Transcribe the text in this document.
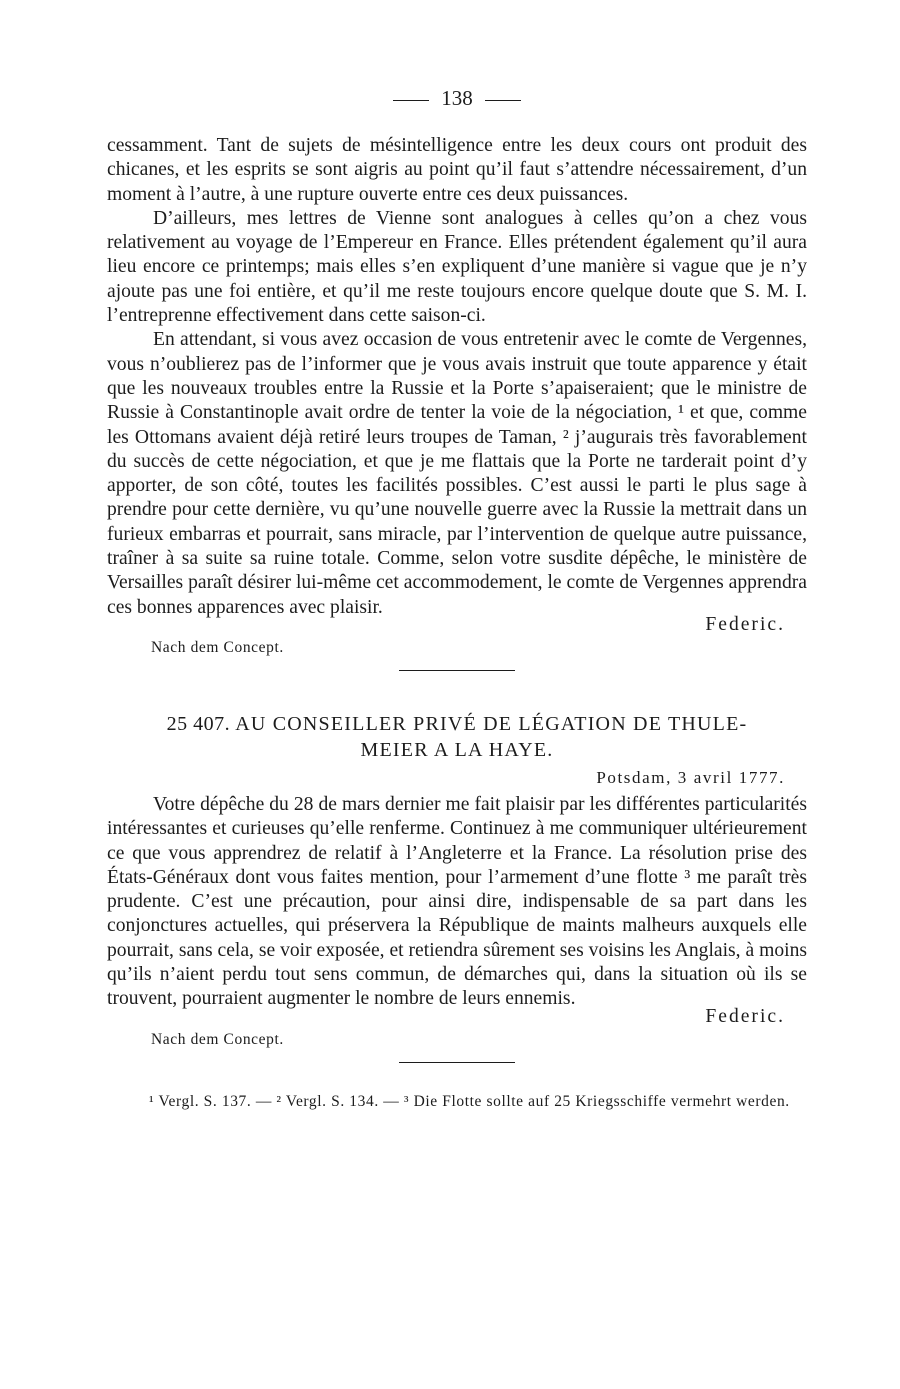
138

cessamment. Tant de sujets de mésintelligence entre les deux cours ont produit des chicanes, et les esprits se sont aigris au point qu’il faut s’attendre nécessairement, d’un moment à l’autre, à une rupture ouverte entre ces deux puissances.

D’ailleurs, mes lettres de Vienne sont analogues à celles qu’on a chez vous relativement au voyage de l’Empereur en France. Elles prétendent également qu’il aura lieu encore ce printemps; mais elles s’en expliquent d’une manière si vague que je n’y ajoute pas une foi entière, et qu’il me reste toujours encore quelque doute que S. M. I. l’entreprenne effectivement dans cette saison-ci.

En attendant, si vous avez occasion de vous entretenir avec le comte de Vergennes, vous n’oublierez pas de l’informer que je vous avais instruit que toute apparence y était que les nouveaux troubles entre la Russie et la Porte s’apaiseraient; que le ministre de Russie à Constantinople avait ordre de tenter la voie de la négociation, ¹ et que, comme les Ottomans avaient déjà retiré leurs troupes de Taman, ² j’augurais très favorablement du succès de cette négociation, et que je me flattais que la Porte ne tarderait point d’y apporter, de son côté, toutes les facilités possibles. C’est aussi le parti le plus sage à prendre pour cette dernière, vu qu’une nouvelle guerre avec la Russie la mettrait dans un furieux embarras et pourrait, sans miracle, par l’intervention de quelque autre puissance, traîner à sa suite sa ruine totale. Comme, selon votre susdite dépêche, le ministère de Versailles paraît désirer lui-même cet accommodement, le comte de Vergennes apprendra ces bonnes apparences avec plaisir.

Federic.
Nach dem Concept.
25 407. AU CONSEILLER PRIVÉ DE LÉGATION DE THULE-
MEIER A LA HAYE.
Potsdam, 3 avril 1777.

Votre dépêche du 28 de mars dernier me fait plaisir par les différentes particularités intéressantes et curieuses qu’elle renferme. Continuez à me communiquer ultérieurement ce que vous apprendrez de relatif à l’Angleterre et la France. La résolution prise des États-Généraux dont vous faites mention, pour l’armement d’une flotte ³ me paraît très prudente. C’est une précaution, pour ainsi dire, indispensable de sa part dans les conjonctures actuelles, qui préservera la République de maints malheurs auxquels elle pourrait, sans cela, se voir exposée, et retiendra sûrement ses voisins les Anglais, à moins qu’ils n’aient perdu tout sens commun, de démarches qui, dans la situation où ils se trouvent, pourraient augmenter le nombre de leurs ennemis.

Federic.
Nach dem Concept.
¹ Vergl. S. 137. — ² Vergl. S. 134. — ³ Die Flotte sollte auf 25 Kriegsschiffe vermehrt werden.
